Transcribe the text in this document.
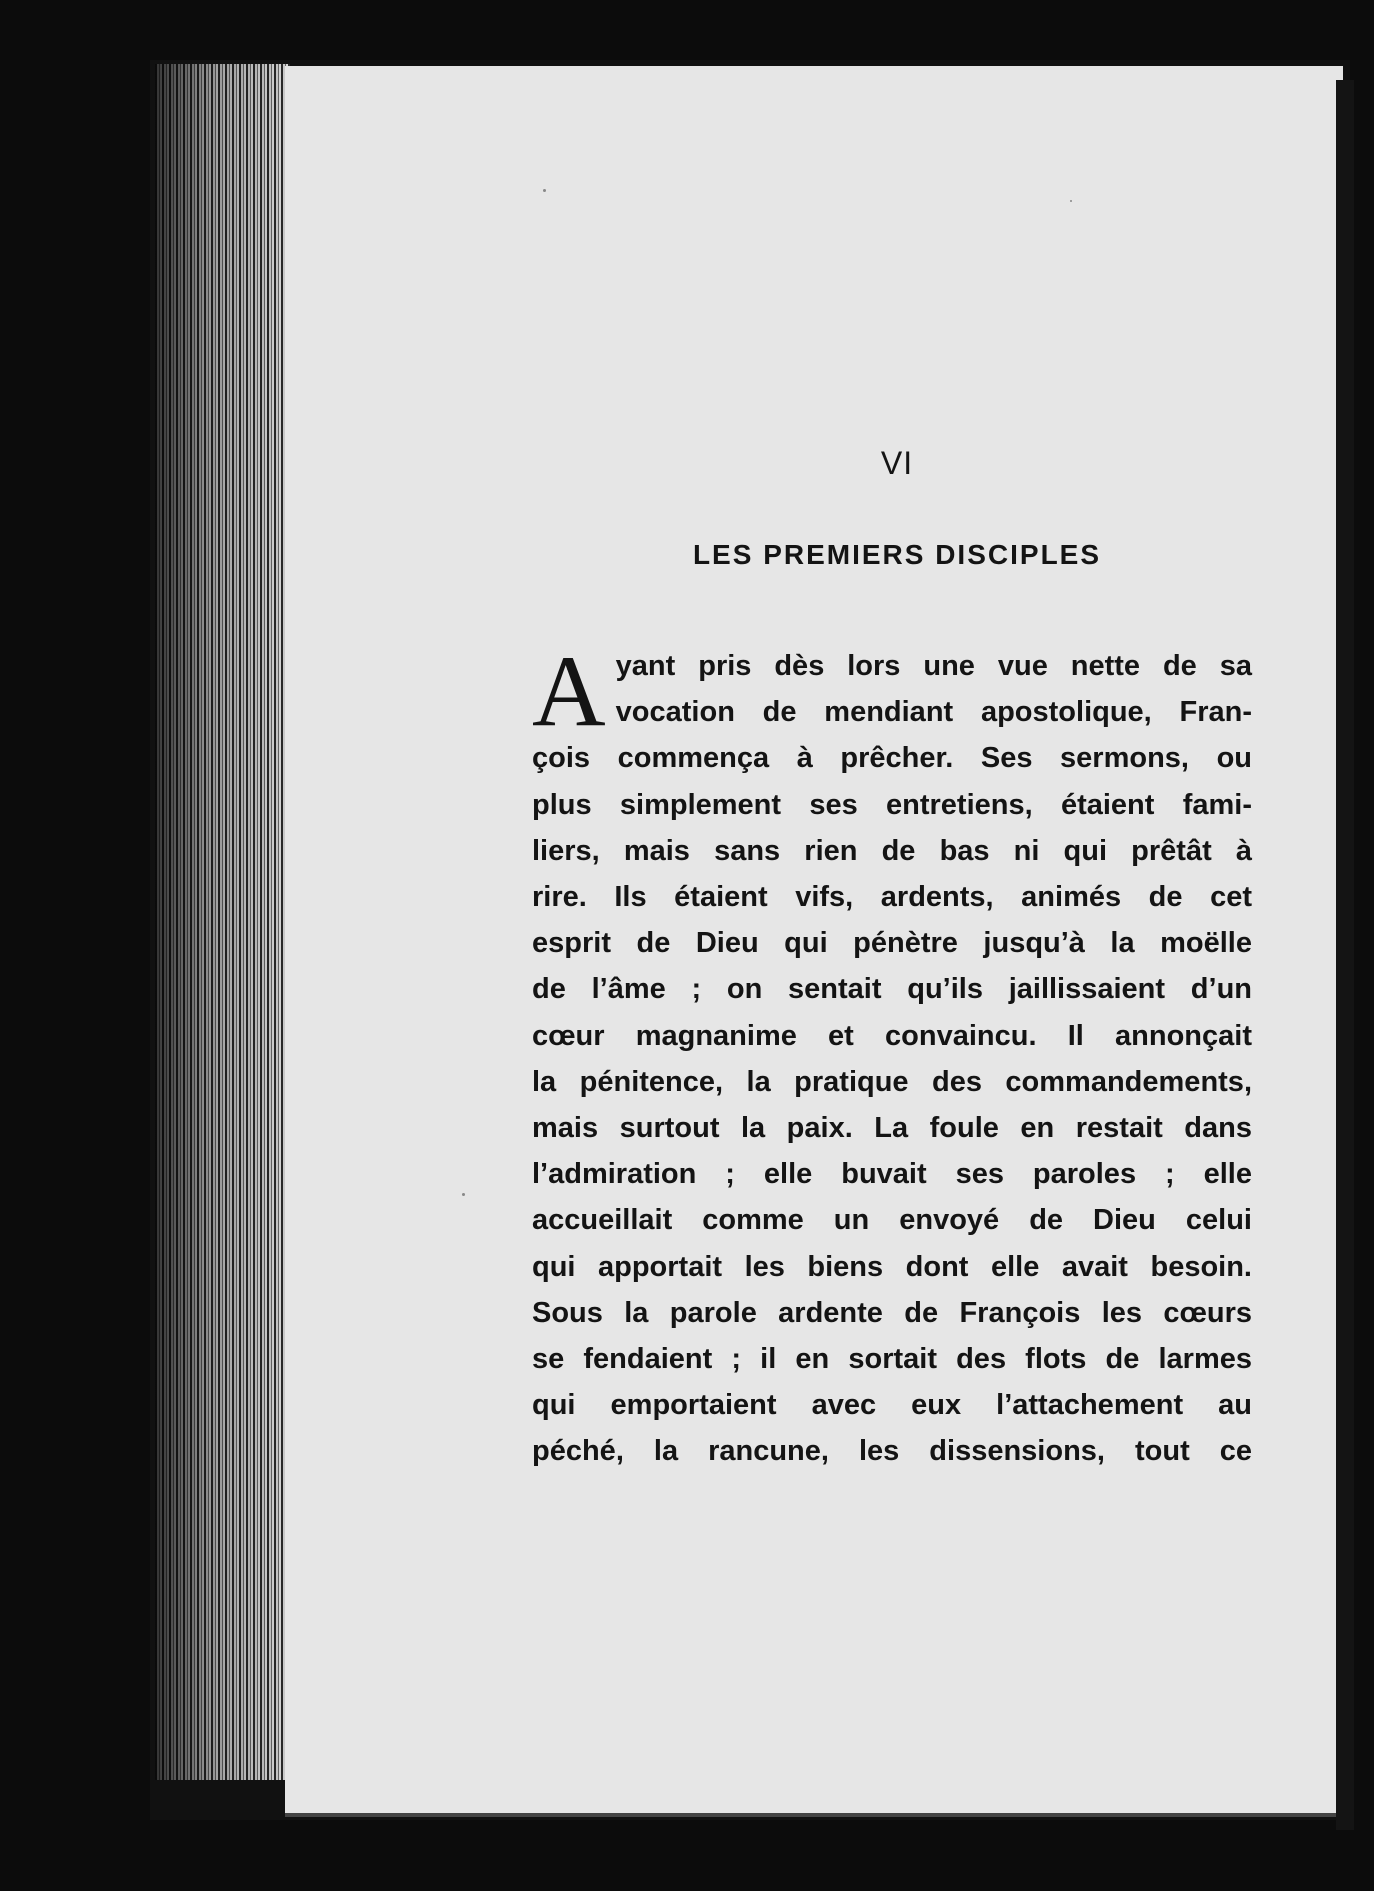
VI
LES PREMIERS DISCIPLES
A yant pris dès lors une vue nette de sa
vocation de mendiant apostolique, Fran-
çois commença à prêcher. Ses sermons, ou
plus simplement ses entretiens, étaient fami-
liers, mais sans rien de bas ni qui prêtât à
rire. Ils étaient vifs, ardents, animés de cet
esprit de Dieu qui pénètre jusqu’à la moëlle
de l’âme ; on sentait qu’ils jaillissaient d’un
cœur magnanime et convaincu. Il annonçait
la pénitence, la pratique des commandements,
mais surtout la paix. La foule en restait dans
l’admiration ; elle buvait ses paroles ; elle
accueillait comme un envoyé de Dieu celui
qui apportait les biens dont elle avait besoin.
Sous la parole ardente de François les cœurs
se fendaient ; il en sortait des flots de larmes
qui emportaient avec eux l’attachement au
péché, la rancune, les dissensions, tout ce
